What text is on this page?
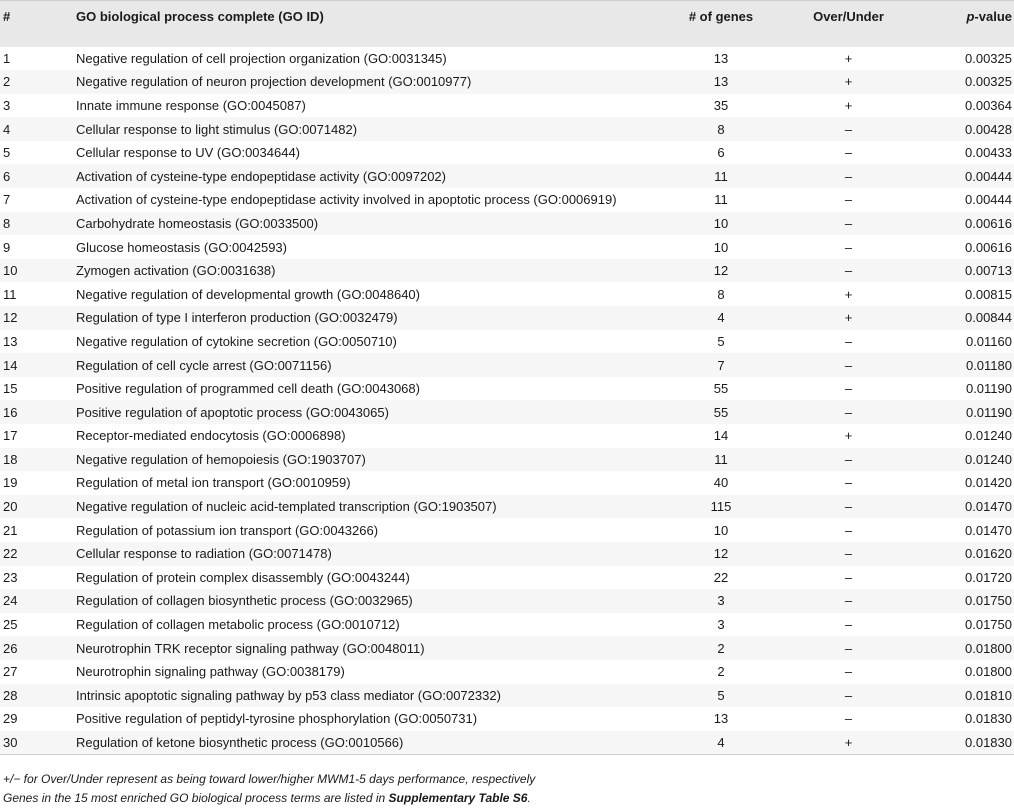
#	GO biological process complete (GO ID)	# of genes	Over/Under	p-value
1	Negative regulation of cell projection organization (GO:0031345)	13	+	0.00325
2	Negative regulation of neuron projection development (GO:0010977)	13	+	0.00325
3	Innate immune response (GO:0045087)	35	+	0.00364
4	Cellular response to light stimulus (GO:0071482)	8	–	0.00428
5	Cellular response to UV (GO:0034644)	6	–	0.00433
6	Activation of cysteine-type endopeptidase activity (GO:0097202)	11	–	0.00444
7	Activation of cysteine-type endopeptidase activity involved in apoptotic process (GO:0006919)	11	–	0.00444
8	Carbohydrate homeostasis (GO:0033500)	10	–	0.00616
9	Glucose homeostasis (GO:0042593)	10	–	0.00616
10	Zymogen activation (GO:0031638)	12	–	0.00713
11	Negative regulation of developmental growth (GO:0048640)	8	+	0.00815
12	Regulation of type I interferon production (GO:0032479)	4	+	0.00844
13	Negative regulation of cytokine secretion (GO:0050710)	5	–	0.01160
14	Regulation of cell cycle arrest (GO:0071156)	7	–	0.01180
15	Positive regulation of programmed cell death (GO:0043068)	55	–	0.01190
16	Positive regulation of apoptotic process (GO:0043065)	55	–	0.01190
17	Receptor-mediated endocytosis (GO:0006898)	14	+	0.01240
18	Negative regulation of hemopoiesis (GO:1903707)	11	–	0.01240
19	Regulation of metal ion transport (GO:0010959)	40	–	0.01420
20	Negative regulation of nucleic acid-templated transcription (GO:1903507)	115	–	0.01470
21	Regulation of potassium ion transport (GO:0043266)	10	–	0.01470
22	Cellular response to radiation (GO:0071478)	12	–	0.01620
23	Regulation of protein complex disassembly (GO:0043244)	22	–	0.01720
24	Regulation of collagen biosynthetic process (GO:0032965)	3	–	0.01750
25	Regulation of collagen metabolic process (GO:0010712)	3	–	0.01750
26	Neurotrophin TRK receptor signaling pathway (GO:0048011)	2	–	0.01800
27	Neurotrophin signaling pathway (GO:0038179)	2	–	0.01800
28	Intrinsic apoptotic signaling pathway by p53 class mediator (GO:0072332)	5	–	0.01810
29	Positive regulation of peptidyl-tyrosine phosphorylation (GO:0050731)	13	–	0.01830
30	Regulation of ketone biosynthetic process (GO:0010566)	4	+	0.01830
+/− for Over/Under represent as being toward lower/higher MWM1-5 days performance, respectively
Genes in the 15 most enriched GO biological process terms are listed in Supplementary Table S6.
